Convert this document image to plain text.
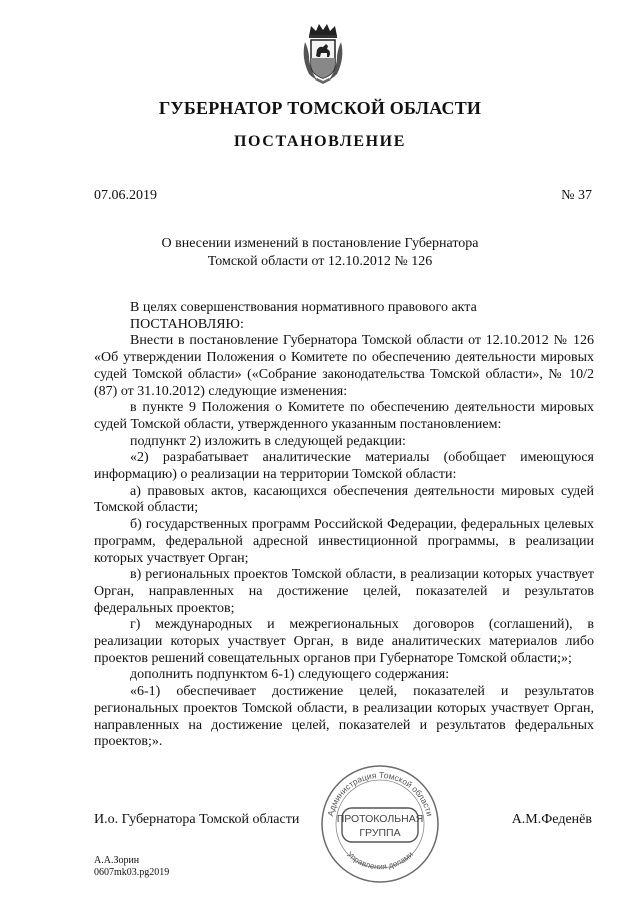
ГУБЕРНАТОР ТОМСКОЙ ОБЛАСТИ
ПОСТАНОВЛЕНИЕ
07.06.2019	№ 37
О внесении изменений в постановление Губернатора
Томской области от 12.10.2012 № 126

В целях совершенствования нормативного правового акта

ПОСТАНОВЛЯЮ:

Внести в постановление Губернатора Томской области от 12.10.2012 № 126 «Об утверждении Положения о Комитете по обеспечению деятельности мировых судей Томской области» («Собрание законодательства Томской области», № 10/2 (87) от 31.10.2012) следующие изменения:

в пункте 9 Положения о Комитете по обеспечению деятельности мировых судей Томской области, утвержденного указанным постановлением:

подпункт 2) изложить в следующей редакции:

«2) разрабатывает аналитические материалы (обобщает имеющуюся информацию) о реализации на территории Томской области:

а) правовых актов, касающихся обеспечения деятельности мировых судей Томской области;

б) государственных программ Российской Федерации, федеральных целевых программ, федеральной адресной инвестиционной программы, в реализации которых участвует Орган;

в) региональных проектов Томской области, в реализации которых участвует Орган, направленных на достижение целей, показателей и результатов федеральных проектов;

г) международных и межрегиональных договоров (соглашений), в реализации которых участвует Орган, в виде аналитических материалов либо проектов решений совещательных органов при Губернаторе Томской области;»;

дополнить подпунктом 6-1) следующего содержания:

«6-1) обеспечивает достижение целей, показателей и результатов региональных проектов Томской области, в реализации которых участвует Орган, направленных на достижение целей, показателей и результатов федеральных проектов;».

И.о. Губернатора Томской области	А.М.Феденёв
Администрация Томской области
Управления делами
ПРОТОКОЛЬНАЯ
ГРУППА
А.А.Зорин
0607mk03.pg2019
